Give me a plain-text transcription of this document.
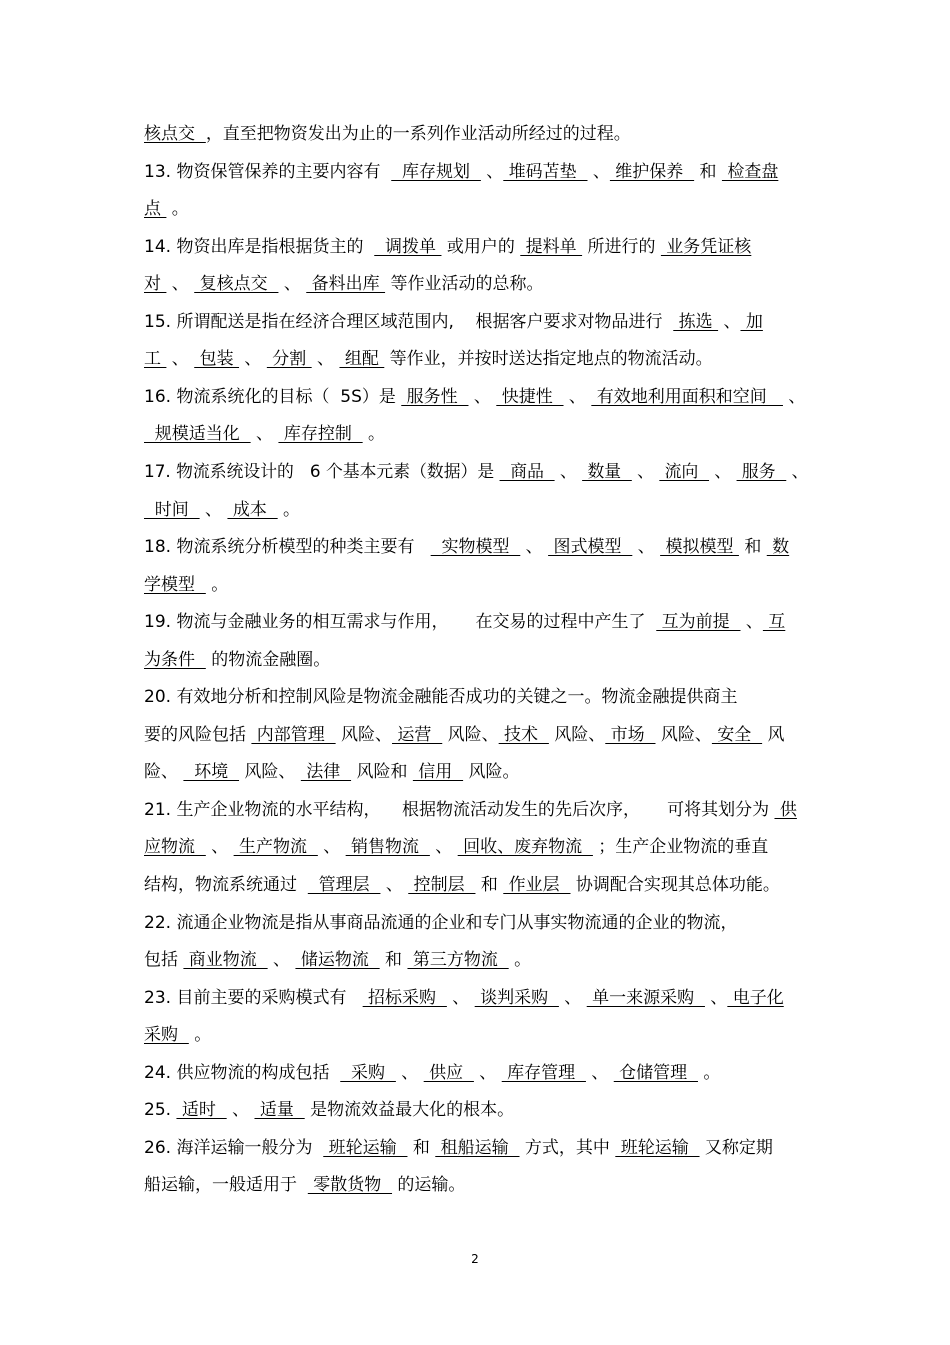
核点交  ，直至把物资发出为止的一系列作业活动所经过的过程。
13. 物资保管保养的主要内容有    库存规划   、 堆码苫垫   、 维护保养   和  检查盘
点  。
14. 物资出库是指根据货主的    调拨单  或用户的  提料单  所进行的  业务凭证核
对  、  复核点交   、  备料出库  等作业活动的总称。
15. 所谓配送是指在经济合理区域范围内,    根据客户要求对物品进行   拣选  、 加
工  、  包装  、  分割  、  组配  等作业，并按时送达指定地点的物流活动。
16. 物流系统化的目标（  5S）是  服务性   、  快捷性   、  有效地利用面积和空间    、
规模适当化   、  库存控制   。
17. 物流系统设计的   6 个基本元素（数据）是   商品   、  数量   、  流向   、  服务   、
时间   、  成本   。
18. 物流系统分析模型的种类主要有     实物模型   、  图式模型   、  模拟模型  和  数
学模型   。
19. 物流与金融业务的相互需求与作用，     在交易的过程中产生了   互为前提   、 互
为条件   的物流金融圈。
20. 有效地分析和控制风险是物流金融能否成功的关键之一。物流金融提供商主
要的风险包括  内部管理   风险、 运营   风险、 技术   风险、 市场   风险、 安全   风
险、   环境   风险、  法律   风险和  信用   风险。
21. 生产企业物流的水平结构，    根据物流活动发生的先后次序，     可将其划分为  供
应物流   、  生产物流   、  销售物流   、  回收、废弃物流   ；生产企业物流的垂直
结构，物流系统通过    管理层   、  控制层   和  作业层   协调配合实现其总体功能。
22. 流通企业物流是指从事商品流通的企业和专门从事实物流通的企业的物流，
包括  商业物流   、  储运物流   和  第三方物流   。
23. 目前主要的采购模式有    招标采购   、  谈判采购   、  单一来源采购   、 电子化
采购   。
24. 供应物流的构成包括    采购   、  供应   、  库存管理   、  仓储管理   。
25.  适时   、  适量   是物流效益最大化的根本。
26. 海洋运输一般分为   班轮运输   和  租船运输   方式，其中  班轮运输   又称定期
船运输，一般适用于   零散货物   的运输。
2
